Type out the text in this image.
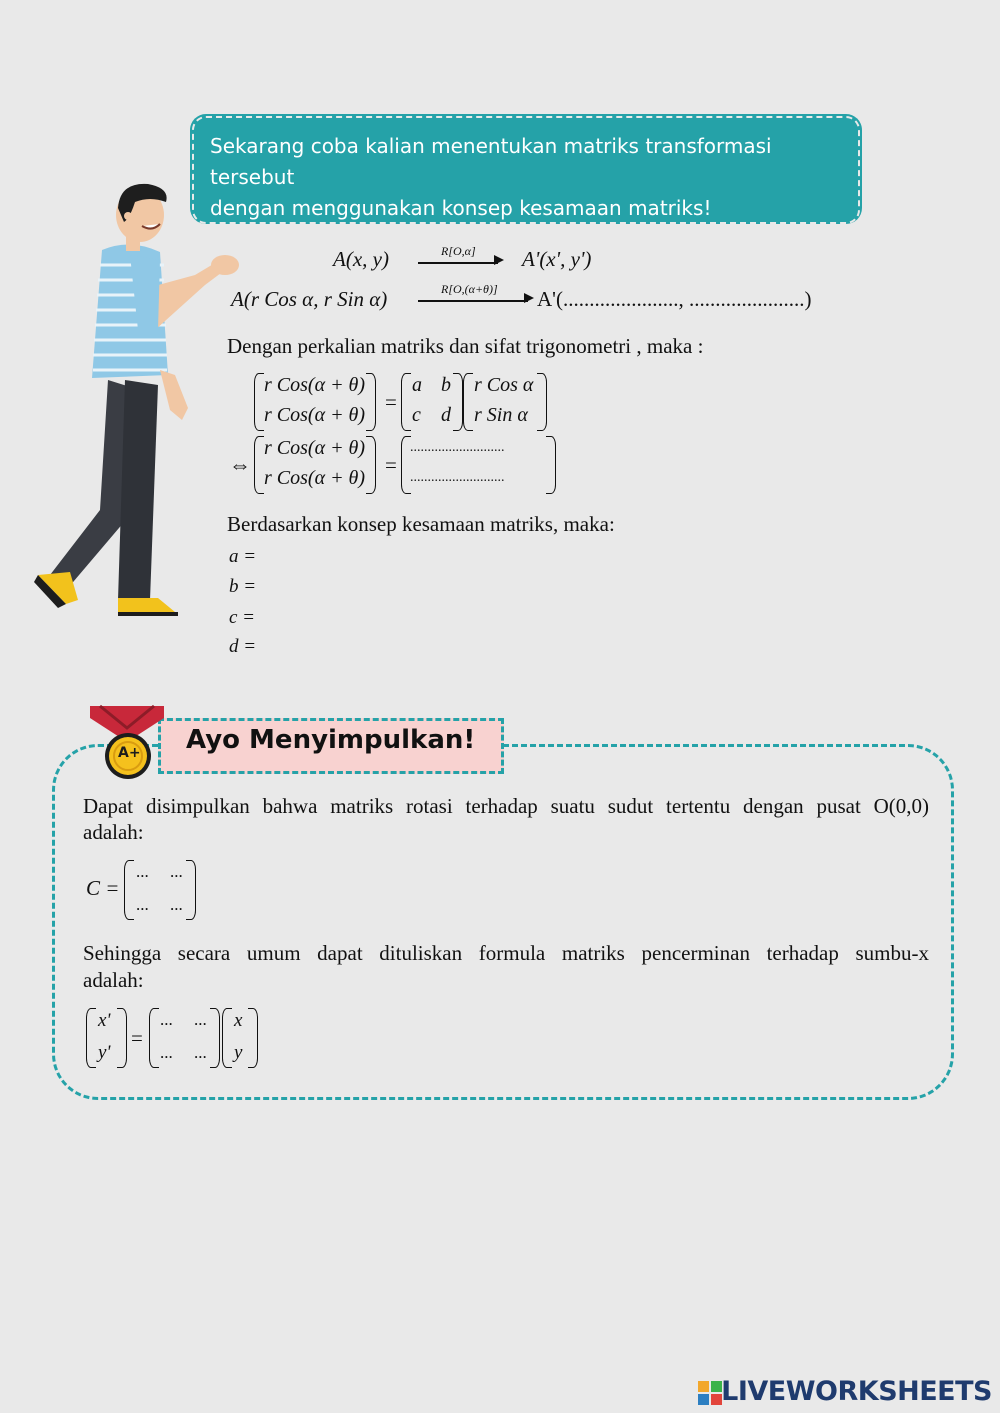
Sekarang coba kalian menentukan matriks transformasi tersebut
dengan menggunakan konsep kesamaan matriks!
A(x, y)	R[O,α] A'(x', y')
A(r Cos α, r Sin α)	R[O,(α+θ)] A'(......................, ......................)
Dengan perkalian matriks dan sifat trigonometri , maka :
r Cos(α + θ)
r Cos(α + θ)
=
a b
c d
r Cos α
r Sin α
⇔
r Cos(α + θ)
r Cos(α + θ)
=
...........................
...........................
Berdasarkan konsep kesamaan matriks, maka:
a =
b =
c =
d =
Ayo Menyimpulkan!
A+
Dapat disimpulkan bahwa matriks rotasi terhadap suatu sudut tertentu dengan pusat O(0,0)
adalah:
C =
... ...
... ...
Sehingga secara umum dapat dituliskan formula matriks pencerminan terhadap sumbu-x
adalah:
x'
y'
=
... ...
... ...
x
y
LIVEWORKSHEETS
